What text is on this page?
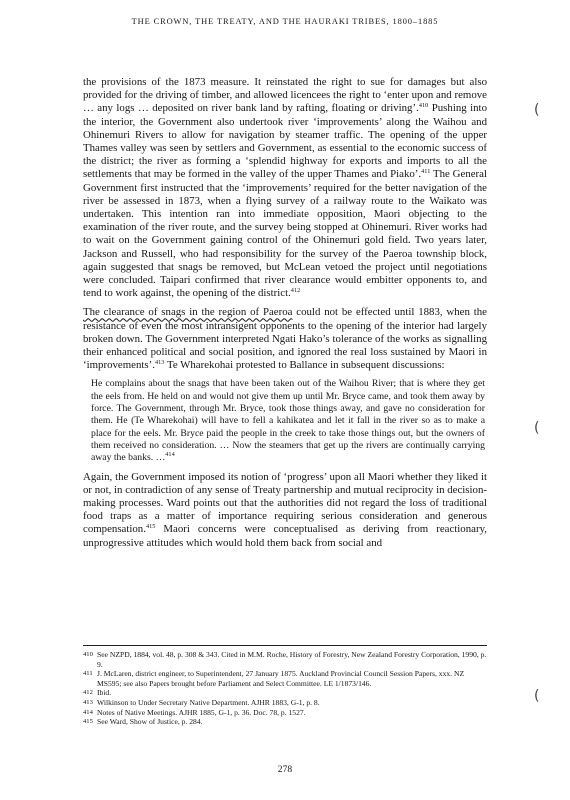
THE CROWN, THE TREATY, AND THE HAURAKI TRIBES, 1800–1885

the provisions of the 1873 measure. It reinstated the right to sue for damages but also provided for the driving of timber, and allowed licencees the right to ‘enter upon and remove … any logs … deposited on river bank land by rafting, floating or driving’.$^{410}$ Pushing into the interior, the Government also undertook river ‘improvements’ along the Waihou and Ohinemuri Rivers to allow for navigation by steamer traffic. The opening of the upper Thames valley was seen by settlers and Government, as essential to the economic success of the district; the river as forming a ‘splendid highway for exports and imports to all the settlements that may be formed in the valley of the upper Thames and Piako’.$^{411}$ The General Government first instructed that the ‘improvements’ required for the better navigation of the river be assessed in 1873, when a flying survey of a railway route to the Waikato was undertaken. This intention ran into immediate opposition, Maori objecting to the examination of the river route, and the survey being stopped at Ohinemuri. River works had to wait on the Government gaining control of the Ohinemuri gold field. Two years later, Jackson and Russell, who had responsibility for the survey of the Paeroa township block, again suggested that snags be removed, but McLean vetoed the project until negotiations were concluded. Taipari confirmed that river clearance would embitter opponents to, and tend to work against, the opening of the district.$^{412}$

The clearance of snags in the region of Paeroa could not be effected until 1883, when the resistance of even the most intransigent opponents to the opening of the interior had largely broken down. The Government interpreted Ngati Hako’s tolerance of the works as signalling their enhanced political and social position, and ignored the real loss sustained by Maori in ‘improvements’.$^{413}$ Te Wharekohai protested to Ballance in subsequent discussions:

He complains about the snags that have been taken out of the Waihou River; that is where they get the eels from. He held on and would not give them up until Mr. Bryce came, and took them away by force. The Government, through Mr. Bryce, took those things away, and gave no consideration for them. He (Te Wharekohai) will have to fell a kahikatea and let it fall in the river so as to make a place for the eels. Mr. Bryce paid the people in the creek to take those things out, but the owners of them received no consideration. … Now the steamers that get up the rivers are continually carrying away the banks. …$^{414}$

Again, the Government imposed its notion of ‘progress’ upon all Maori whether they liked it or not, in contradiction of any sense of Treaty partnership and mutual reciprocity in decision-making processes. Ward points out that the authorities did not regard the loss of traditional food traps as a matter of importance requiring serious consideration and generous compensation.$^{415}$ Maori concerns were conceptualised as deriving from reactionary, unprogressive attitudes which would hold them back from social and

410 See NZPD, 1884, vol. 48, p. 308 & 343. Cited in M.M. Roche, History of Forestry, New Zealand Forestry Corporation, 1990, p. 9.
411 J. McLaren, district engineer, to Superintendent, 27 January 1875. Auckland Provincial Council Session Papers, xxx. NZ MS595; see also Papers brought before Parliament and Select Committee. LE 1/1873/146.
412 Ibid.
413 Wilkinson to Under Secretary Native Department. AJHR 1883, G-1, p. 8.
414 Notes of Native Meetings. AJHR 1885, G-1, p. 36. Doc. 78, p. 1527.
415 See Ward, Show of Justice, p. 284.
278
(
(
(
